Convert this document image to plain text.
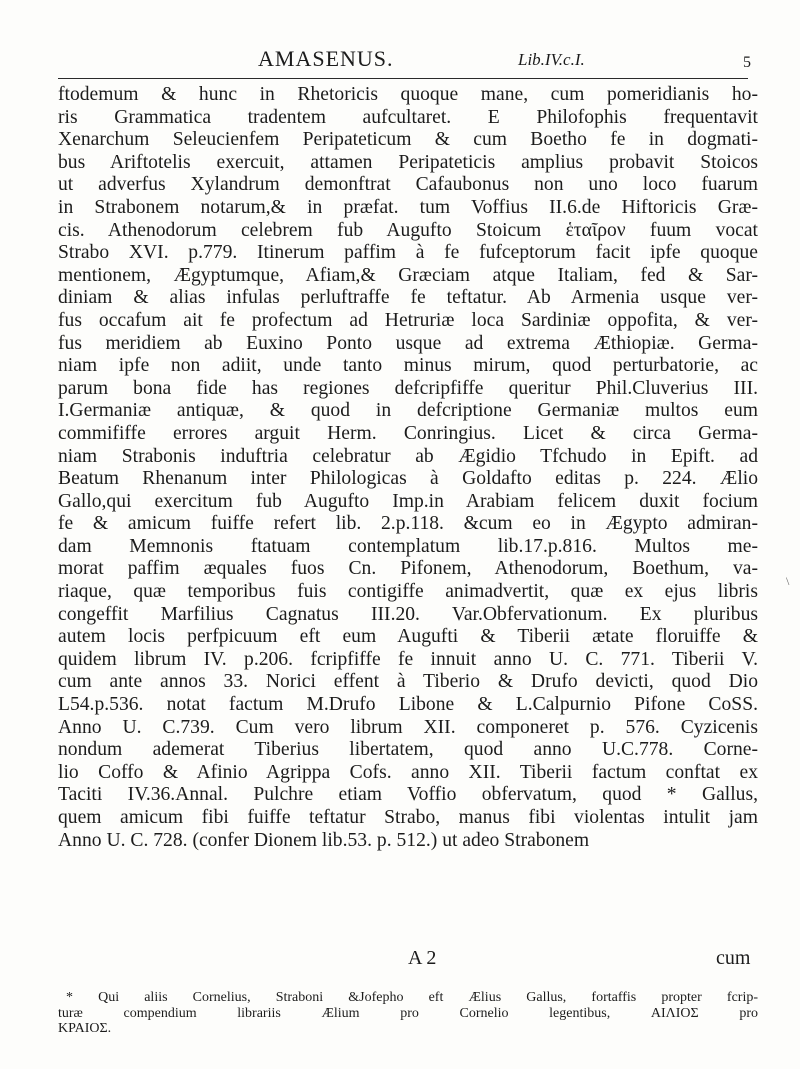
AMASENUS.	Lib.IV.c.I.	5
ftodemum & hunc in Rhetoricis quoque mane, cum pomeridianis ho-
ris Grammatica tradentem aufcultaret. E Philofophis frequentavit
Xenarchum Seleucienfem Peripateticum & cum Boetho fe in dogmati-
bus Ariftotelis exercuit, attamen Peripateticis amplius probavit Stoicos
ut adverfus Xylandrum demonftrat Cafaubonus non uno loco fuarum
in Strabonem notarum,& in præfat. tum Voffius II.6.de Hiftoricis Græ-
cis. Athenodorum celebrem fub Augufto Stoicum ἑταῖρον fuum vocat
Strabo XVI. p.779. Itinerum paffim à fe fufceptorum facit ipfe quoque
mentionem, Ægyptumque, Afiam,& Græciam atque Italiam, fed & Sar-
diniam & alias infulas perluftraffe fe teftatur. Ab Armenia usque ver-
fus occafum ait fe profectum ad Hetruriæ loca Sardiniæ oppofita, & ver-
fus meridiem ab Euxino Ponto usque ad extrema Æthiopiæ. Germa-
niam ipfe non adiit, unde tanto minus mirum, quod perturbatorie, ac
parum bona fide has regiones defcripfiffe queritur Phil.Cluverius III.
I.Germaniæ antiquæ, & quod in defcriptione Germaniæ multos eum
commififfe errores arguit Herm. Conringius. Licet & circa Germa-
niam Strabonis induftria celebratur ab Ægidio Tfchudo in Epift. ad
Beatum Rhenanum inter Philologicas à Goldafto editas p. 224. Ælio
Gallo,qui exercitum fub Augufto Imp.in Arabiam felicem duxit focium
fe & amicum fuiffe refert lib. 2.p.118. &cum eo in Ægypto admiran-
dam Memnonis ftatuam contemplatum lib.17.p.816. Multos me-
morat paffim æquales fuos Cn. Pifonem, Athenodorum, Boethum, va-
riaque, quæ temporibus fuis contigiffe animadvertit, quæ ex ejus libris
congeffit Marfilius Cagnatus III.20. Var.Obfervationum. Ex pluribus
autem locis perfpicuum eft eum Augufti & Tiberii ætate floruiffe &
quidem librum IV. p.206. fcripfiffe fe innuit anno U. C. 771. Tiberii V.
cum ante annos 33. Norici effent à Tiberio & Drufo devicti, quod Dio
L54.p.536. notat factum M.Drufo Libone & L.Calpurnio Pifone CoSS.
Anno U. C.739. Cum vero librum XII. componeret p. 576. Cyzicenis
nondum ademerat Tiberius libertatem, quod anno U.C.778. Corne-
lio Coffo & Afinio Agrippa Cofs. anno XII. Tiberii factum conftat ex
Taciti IV.36.Annal. Pulchre etiam Voffio obfervatum, quod * Gallus,
quem amicum fibi fuiffe teftatur Strabo, manus fibi violentas intulit jam
Anno U. C. 728. (confer Dionem lib.53. p. 512.) ut adeo Strabonem
A 2	cum
* Qui aliis Cornelius, Straboni &Jofepho eft Ælius Gallus, fortaffis propter fcrip-
turæ compendium librariis Ælium pro Cornelio legentibus, ΑΙΛΙΟΣ pro
ΚΡΑΙΟΣ.
\
